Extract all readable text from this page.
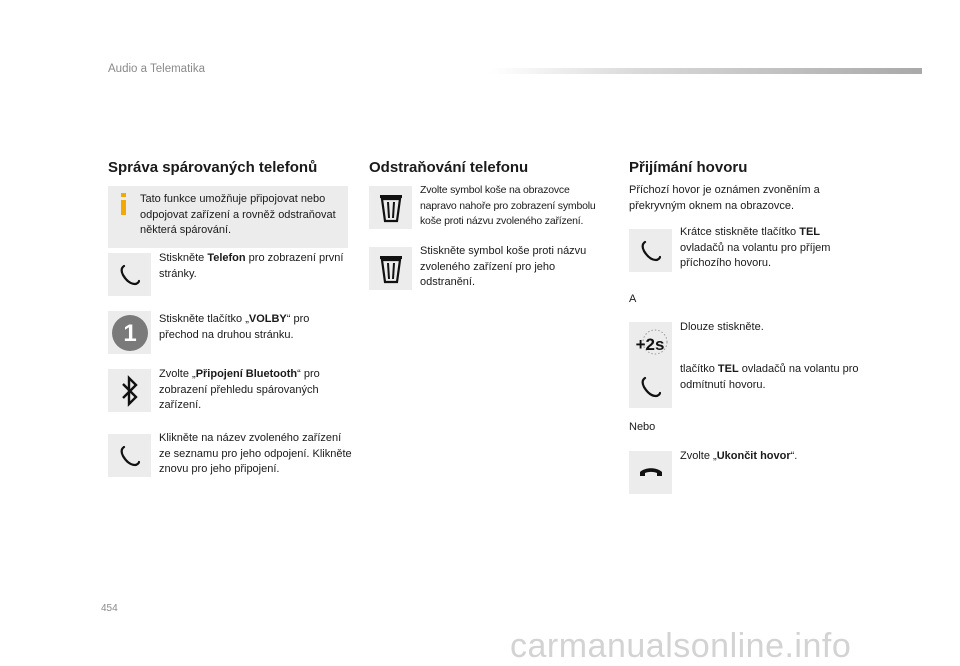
Audio a Telematika
Správa spárovaných telefonů
Tato funkce umožňuje připojovat nebo odpojovat zařízení a rovněž odstraňovat některá spárování.
Stiskněte Telefon pro zobrazení první stránky.
1
Stiskněte tlačítko „VOLBY“ pro přechod na druhou stránku.
Zvolte „Připojení Bluetooth“ pro zobrazení přehledu spárovaných zařízení.
Klikněte na název zvoleného zařízení ze seznamu pro jeho odpojení. Klikněte znovu pro jeho připojení.
Odstraňování telefonu
Zvolte symbol koše na obrazovce napravo nahoře pro zobrazení symbolu koše proti názvu zvoleného zařízení.
Stiskněte symbol koše proti názvu zvoleného zařízení pro jeho odstranění.
Přijímání hovoru
Příchozí hovor je oznámen zvoněním a překryvným oknem na obrazovce.
Krátce stiskněte tlačítko TEL ovladačů na volantu pro příjem příchozího hovoru.
A
+2s
Dlouze stiskněte.
tlačítko TEL ovladačů na volantu pro odmítnutí hovoru.
Nebo
Zvolte „Ukončit hovor“.
454
carmanualsonline.info
